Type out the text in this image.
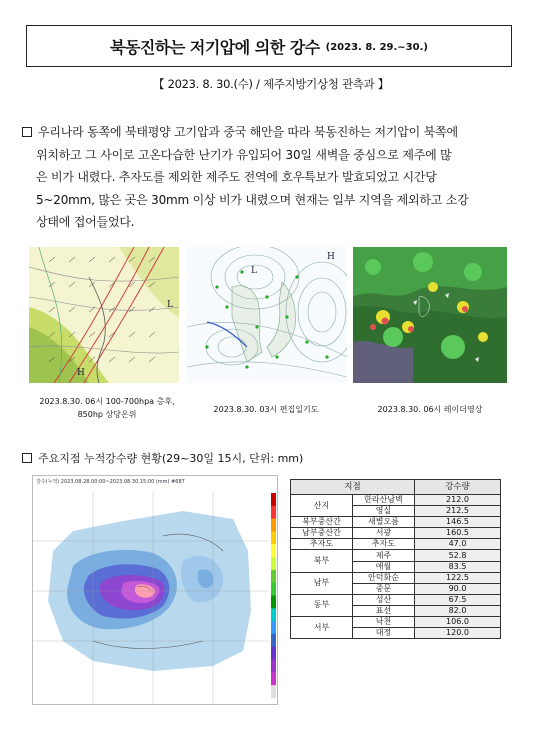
북동진하는 저기압에 의한 강수 (2023. 8. 29.~30.)
【 2023. 8. 30.(수) / 제주지방기상청 관측과 】
우리나라 동쪽에 북태평양 고기압과 중국 해안을 따라 북동진하는 저기압이 북쪽에
위치하고 그 사이로 고온다습한 난기가 유입되어 30일 새벽을 중심으로 제주에 많
은 비가 내렸다. 추자도를 제외한 제주도 전역에 호우특보가 발효되었고 시간당
5~20mm, 많은 곳은 30mm 이상 비가 내렸으며 현재는 일부 지역을 제외하고 소강
상태에 접어들었다.
H
L
L
H
2023.8.30. 06시 100-700hpa 층후,
850hp 상당온위
2023.8.30. 03시 편집일기도	2023.8.30. 06시 레이더영상
주요지점 누적강수량 현황(29~30일 15시, 단위: mm)
강수(누적) 2023.08.28.00:00~2023.08.30.15:00 (mm) #687	지점		강수량
산지	한라산남벽	212.0
	영실	212.5
북부중산간	새별오름	146.5
남부중산간	서광	160.5
추자도	추자도	47.0
북부	제주	52.8
	애월	83.5
남부	안덕화순	122.5
	중문	90.0
동부	성산	67.5
	표선	82.0
서부	낙천	106.0
	대정	120.0
